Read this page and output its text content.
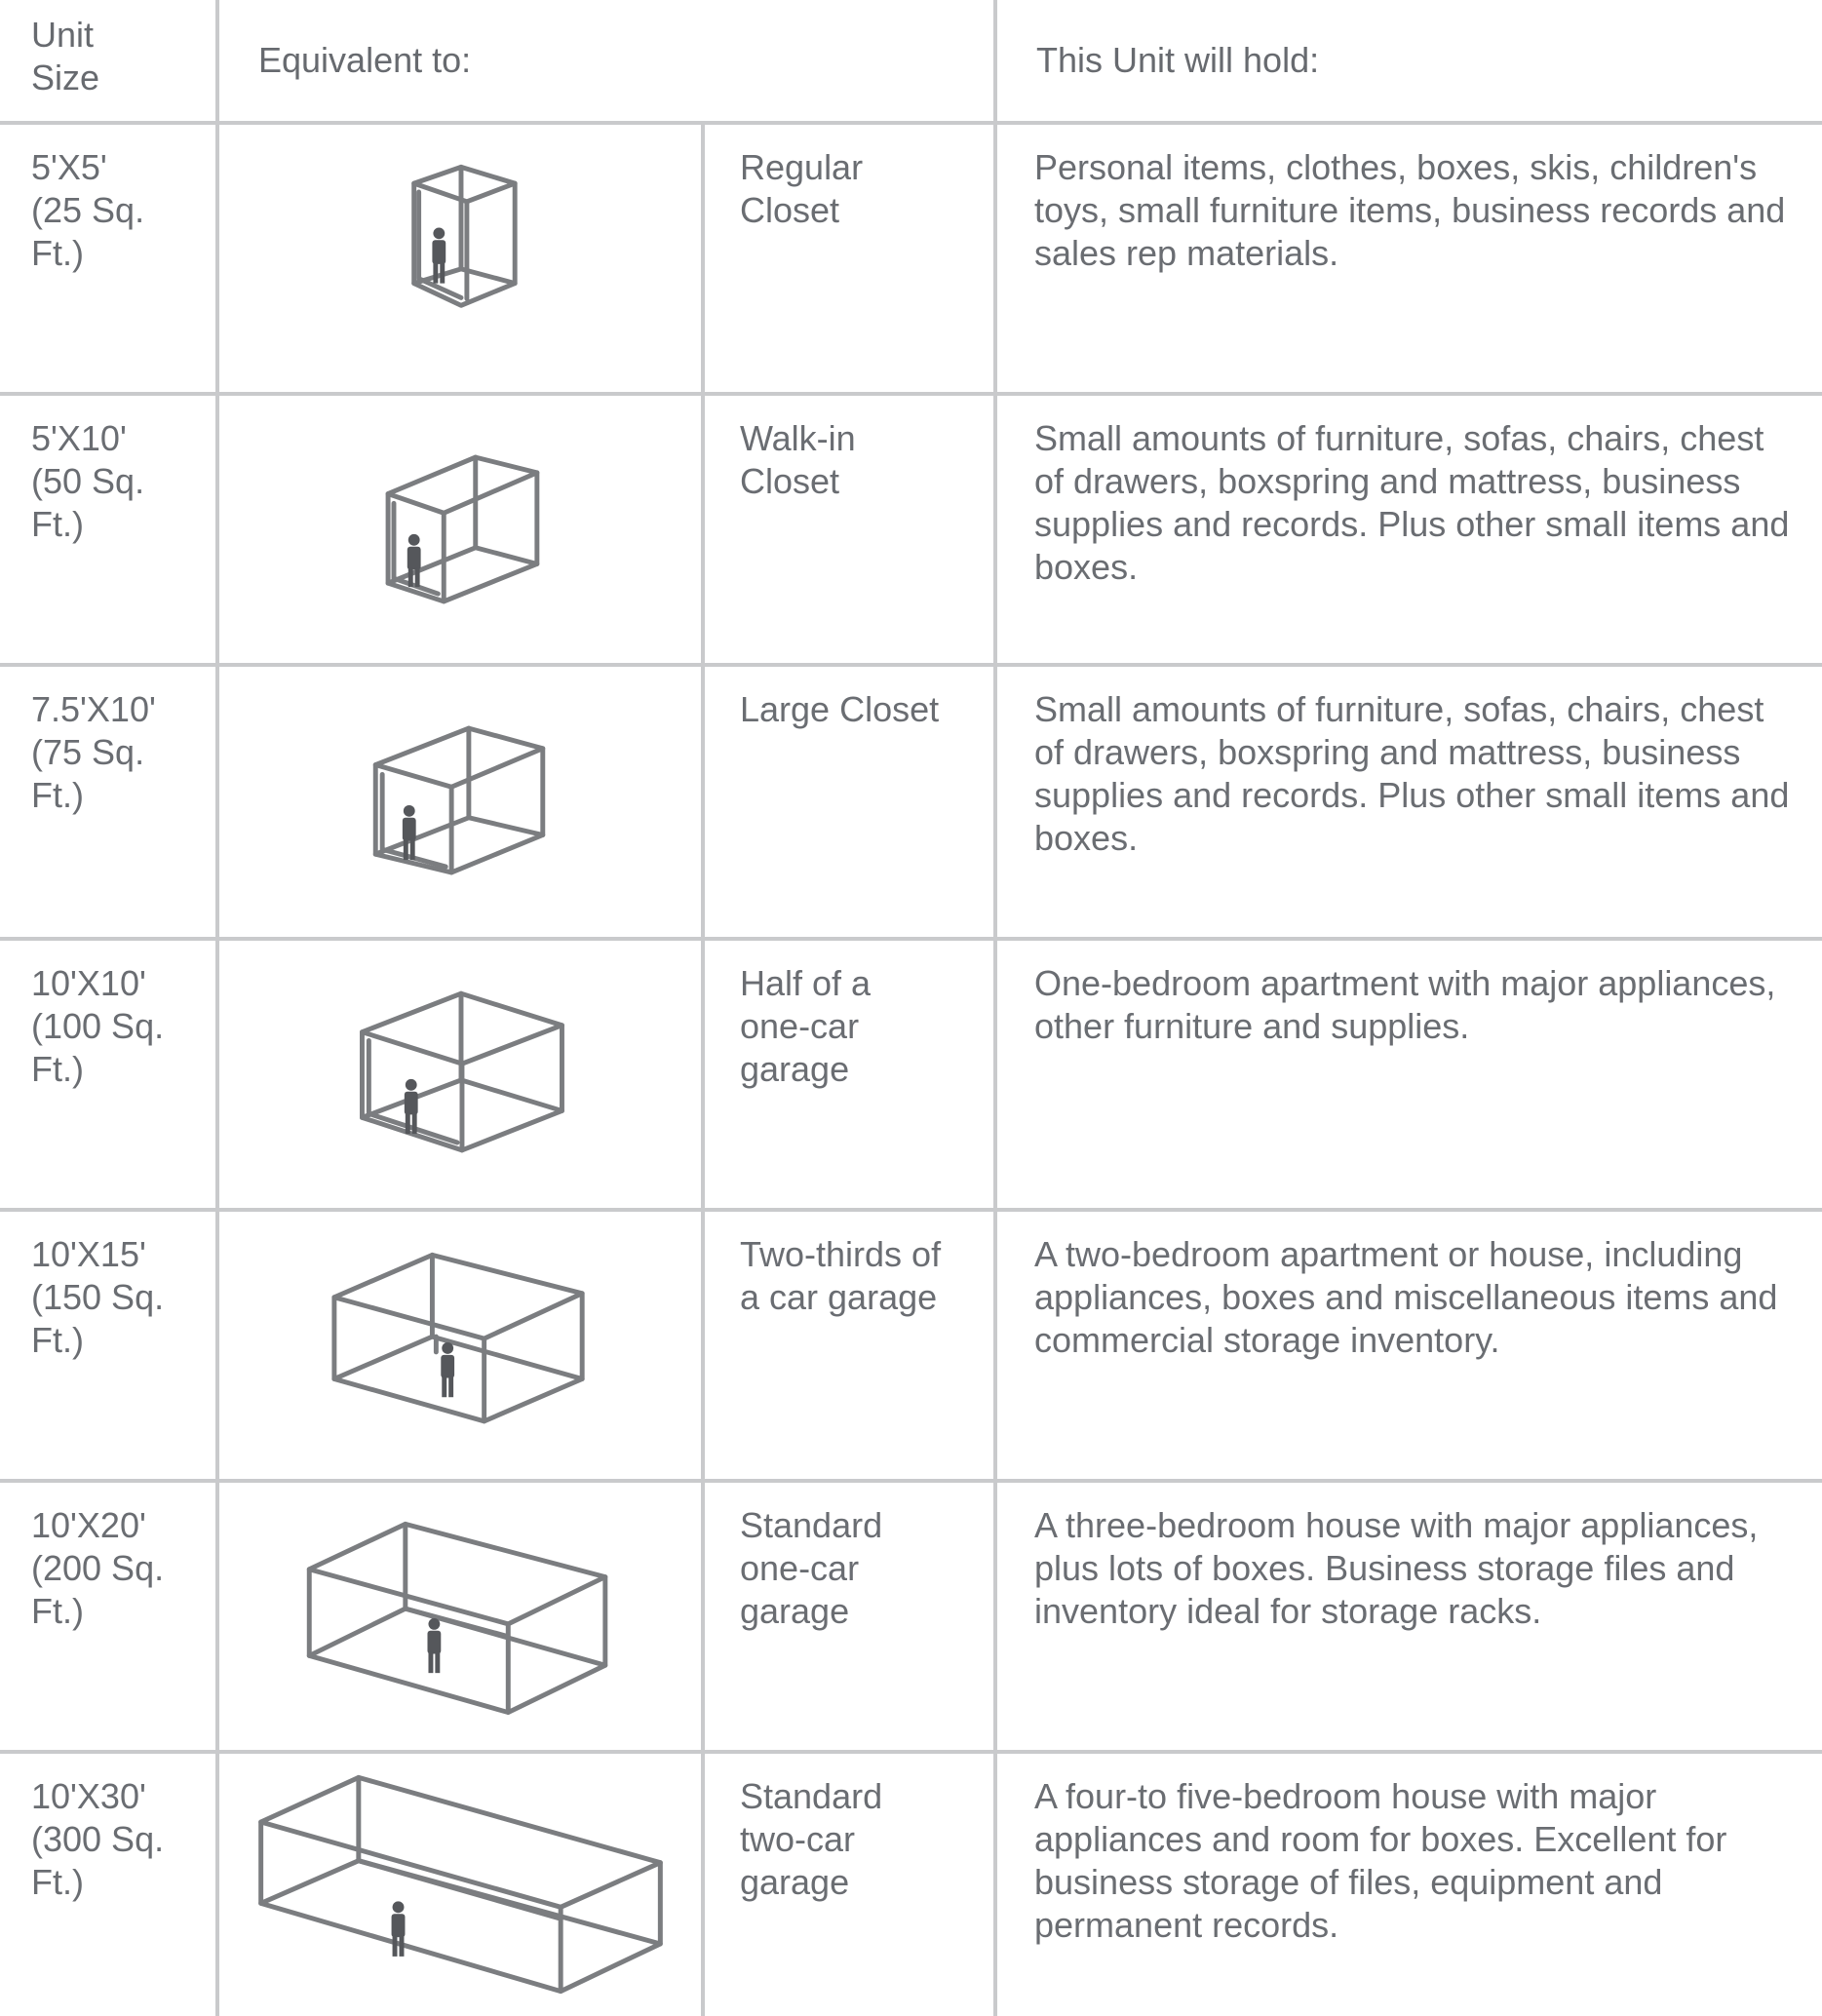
Unit
Size	Equivalent to:		This Unit will hold:

5'X5'
(25 Sq.
Ft.)		Regular
Closet	Personal items, clothes, boxes, skis, children's toys, small furniture items, business records and sales rep materials.

5'X10'
(50 Sq.
Ft.)		Walk-in
Closet	Small amounts of furniture, sofas, chairs, chest of drawers, boxspring and mattress, business supplies and records. Plus other small items and boxes.

7.5'X10'
(75 Sq.
Ft.)		Large Closet	Small amounts of furniture, sofas, chairs, chest of drawers, boxspring and mattress, business supplies and records. Plus other small items and boxes.

10'X10'
(100 Sq.
Ft.)		Half of a
one-car
garage	One-bedroom apartment with major appliances, other furniture and supplies.

10'X15'
(150 Sq.
Ft.)		Two-thirds of
a car garage	A two-bedroom apartment or house, including appliances, boxes and miscellaneous items and commercial storage inventory.

10'X20'
(200 Sq.
Ft.)		Standard
one-car
garage	A three-bedroom house with major appliances, plus lots of boxes. Business storage files and inventory ideal for storage racks.

10'X30'
(300 Sq.
Ft.)		Standard
two-car
garage	A four-to five-bedroom house with major appliances and room for boxes. Excellent for business storage of files, equipment and permanent records.
